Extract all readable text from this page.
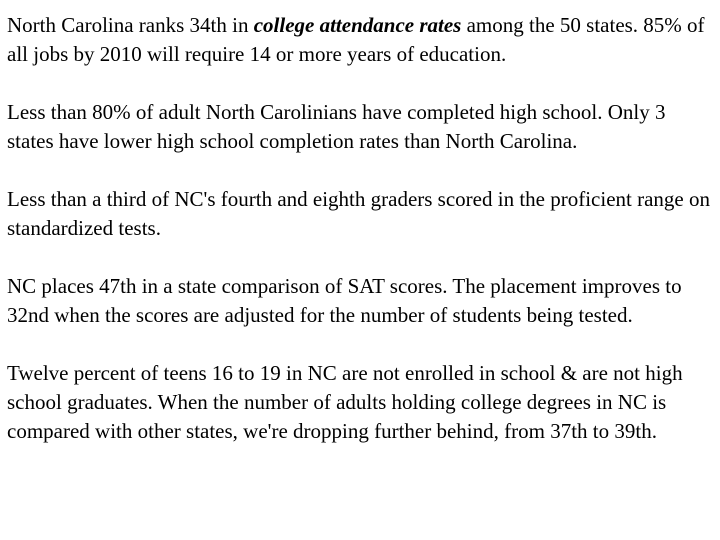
North Carolina ranks 34th in college attendance rates among the 50 states. 85% of all jobs by 2010 will require 14 or more years of education.

Less than 80% of adult North Carolinians have completed high school. Only 3 states have lower high school completion rates than North Carolina.

Less than a third of NC's fourth and eighth graders scored in the proficient range on standardized tests.

NC places 47th in a state comparison of SAT scores. The placement improves to 32nd when the scores are adjusted for the number of students being tested.

Twelve percent of teens 16 to 19 in NC are not enrolled in school & are not high school graduates. When the number of adults holding college degrees in NC is compared with other states, we're dropping further behind, from 37th to 39th.
